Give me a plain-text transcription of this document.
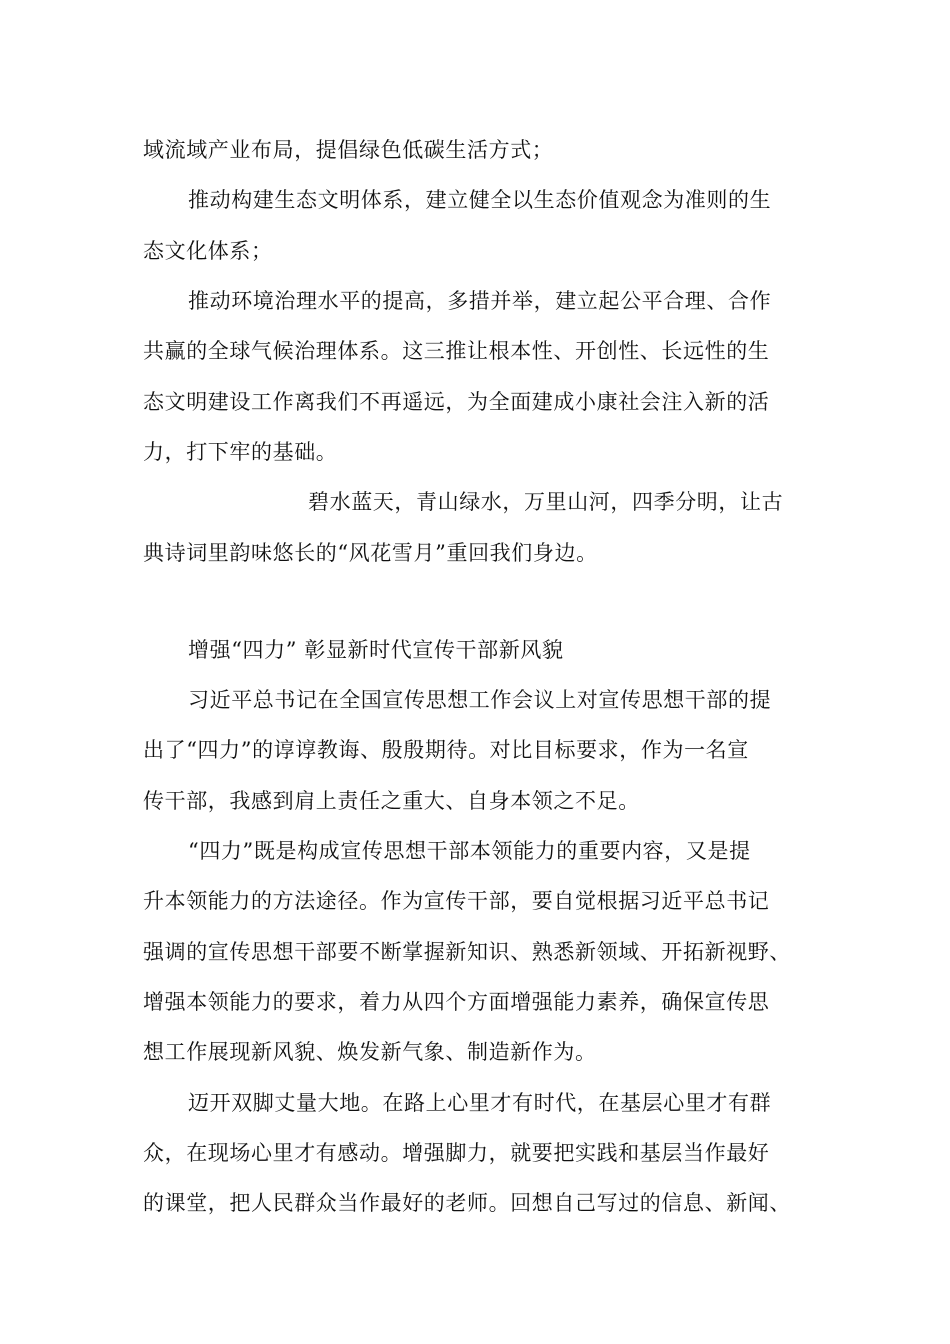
域流域产业布局，提倡绿色低碳生活方式；
推动构建生态文明体系，建立健全以生态价值观念为准则的生
态文化体系；
推动环境治理水平的提高，多措并举，建立起公平合理、合作
共赢的全球气候治理体系。这三推让根本性、开创性、长远性的生
态文明建设工作离我们不再遥远，为全面建成小康社会注入新的活
力，打下牢的基础。
碧水蓝天，青山绿水，万里山河，四季分明，让古
典诗词里韵味悠长的“风花雪月”重回我们身边。
增强“四力” 彰显新时代宣传干部新风貌
习近平总书记在全国宣传思想工作会议上对宣传思想干部的提
出了“四力”的谆谆教诲、殷殷期待。对比目标要求，作为一名宣
传干部，我感到肩上责任之重大、自身本领之不足。
“四力”既是构成宣传思想干部本领能力的重要内容，又是提
升本领能力的方法途径。作为宣传干部，要自觉根据习近平总书记
强调的宣传思想干部要不断掌握新知识、熟悉新领域、开拓新视野、
增强本领能力的要求，着力从四个方面增强能力素养，确保宣传思
想工作展现新风貌、焕发新气象、制造新作为。
迈开双脚丈量大地。在路上心里才有时代，在基层心里才有群
众，在现场心里才有感动。增强脚力，就要把实践和基层当作最好
的课堂，把人民群众当作最好的老师。回想自己写过的信息、新闻、
